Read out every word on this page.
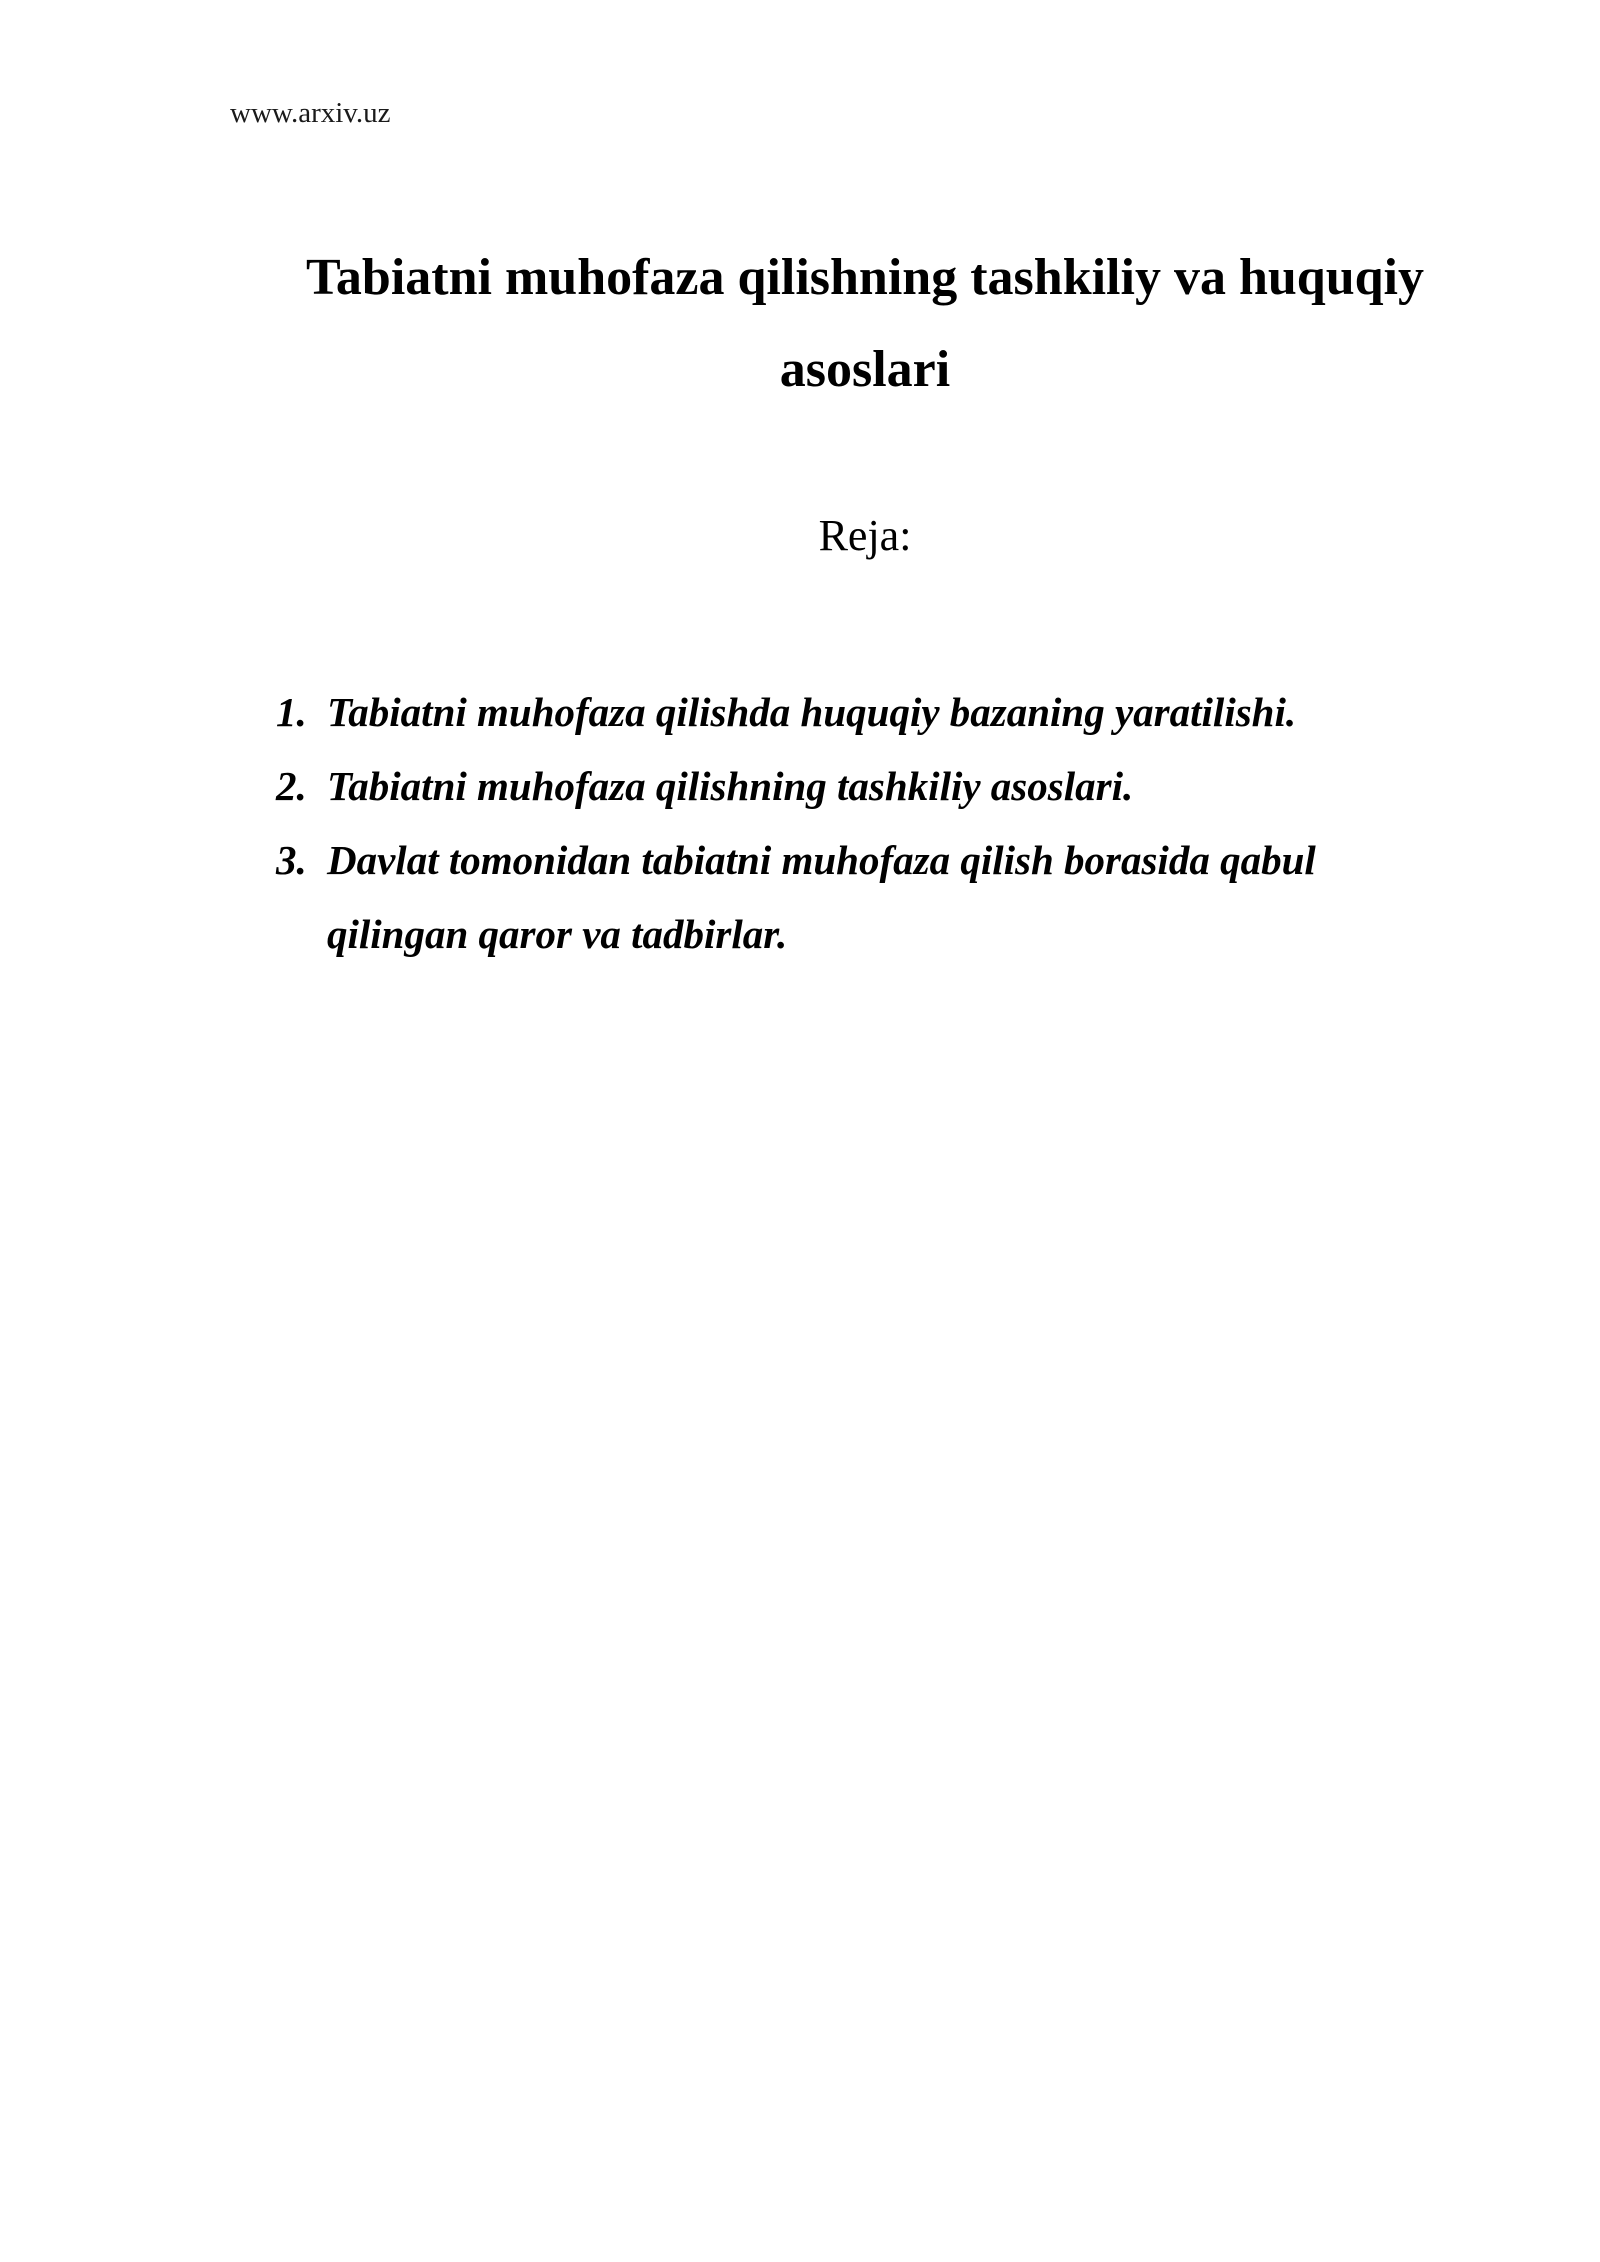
www.arxiv.uz
Tabiatni muhofaza qilishning tashkiliy va huquqiy asoslari
Reja:
1. Tabiatni muhofaza qilishda huquqiy bazaning yaratilishi.
2. Tabiatni muhofaza qilishning tashkiliy asoslari.
3. Davlat tomonidan tabiatni muhofaza qilish borasida qabul qilingan qaror va tadbirlar.
